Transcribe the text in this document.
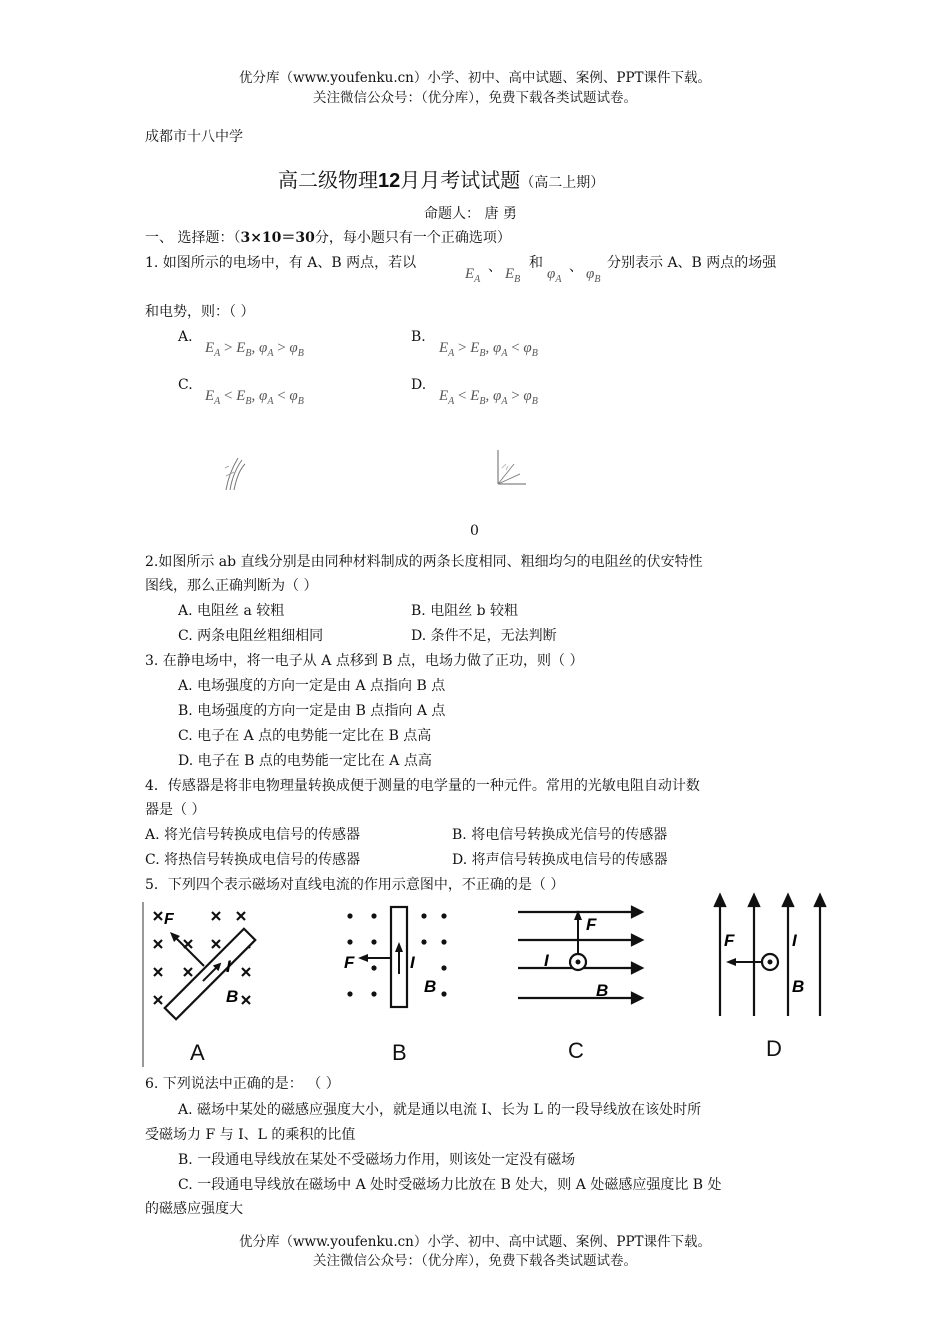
优分库（www.youfenku.cn）小学、初中、高中试题、案例、PPT课件下载。
关注微信公众号：（优分库），免费下载各类试题试卷。
成都市十八中学
高二级物理12月月考试试题（高二上期）
命题人： 唐 勇
一、 选择题：（3×10＝30分，每小题只有一个正确选项）
1. 如图所示的电场中，有 A、B 两点，若以
$E_A$
、 $E_B$
和
$\varphi_A$
、 $\varphi_B$
分别表示 A、B 两点的场强
和电势，则：（ ）
A.
$E_A > E_B$, $\varphi_A > \varphi_B$
B.
$E_A > E_B$, $\varphi_A < \varphi_B$
C.
$E_A < E_B$, $\varphi_A < \varphi_B$
D.
$E_A < E_B$, $\varphi_A > \varphi_B$
0
2.如图所示 ab 直线分别是由同种材料制成的两条长度相同、粗细均匀的电阻丝的伏安特性
图线，那么正确判断为（ ）
A. 电阻丝 a 较粗	B. 电阻丝 b 较粗
C. 两条电阻丝粗细相同	D. 条件不足，无法判断
3. 在静电场中，将一电子从 A 点移到 B 点，电场力做了正功，则（ ）
A. 电场强度的方向一定是由 A 点指向 B 点
B. 电场强度的方向一定是由 B 点指向 A 点
C. 电子在 A 点的电势能一定比在 B 点高
D. 电子在 B 点的电势能一定比在 A 点高
4．传感器是将非电物理量转换成便于测量的电学量的一种元件。常用的光敏电阻自动计数
器是（ ）
A. 将光信号转换成电信号的传感器	B. 将电信号转换成光信号的传感器
C. 将热信号转换成电信号的传感器	D. 将声信号转换成电信号的传感器
5．下列四个表示磁场对直线电流的作用示意图中，不正确的是（ ）
F
I
B
A
F	I
B
B
F
I
B
C
F	I
B
D
6. 下列说法中正确的是： （ ）
A. 磁场中某处的磁感应强度大小，就是通以电流 I、长为 L 的一段导线放在该处时所
受磁场力 F 与 I、L 的乘积的比值
B. 一段通电导线放在某处不受磁场力作用，则该处一定没有磁场
C. 一段通电导线放在磁场中 A 处时受磁场力比放在 B 处大，则 A 处磁感应强度比 B 处
的磁感应强度大
优分库（www.youfenku.cn）小学、初中、高中试题、案例、PPT课件下载。
关注微信公众号：（优分库），免费下载各类试题试卷。
